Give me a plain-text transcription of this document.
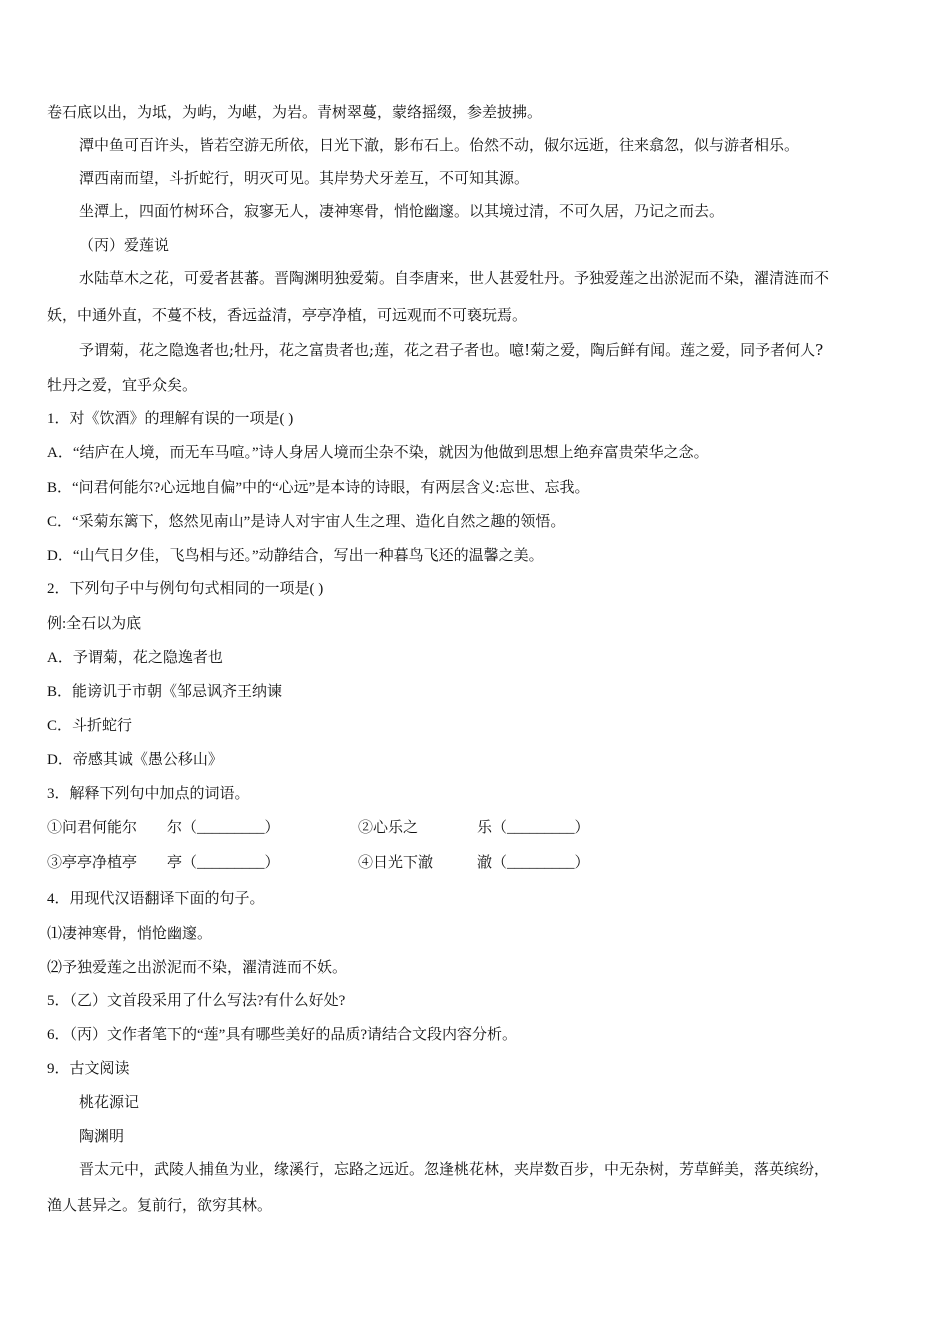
卷石底以出，为坻，为屿，为嵁，为岩。青树翠蔓，蒙络摇缀，参差披拂。
潭中鱼可百许头，皆若空游无所依，日光下澈，影布石上。佁然不动，俶尔远逝，往来翕忽，似与游者相乐。
潭西南而望，斗折蛇行，明灭可见。其岸势犬牙差互，不可知其源。
坐潭上，四面竹树环合，寂寥无人，凄神寒骨，悄怆幽邃。以其境过清，不可久居，乃记之而去。
（丙）爱莲说
水陆草木之花，可爱者甚蕃。晋陶渊明独爱菊。自李唐来，世人甚爱牡丹。予独爱莲之出淤泥而不染，濯清涟而不
妖，中通外直，不蔓不枝，香远益清，亭亭净植，可远观而不可亵玩焉。
予谓菊，花之隐逸者也;牡丹，花之富贵者也;莲，花之君子者也。噫!菊之爱，陶后鲜有闻。莲之爱，同予者何人?
牡丹之爱，宜乎众矣。
1．对《饮酒》的理解有误的一项是( )
A．“结庐在人境，而无车马喧。”诗人身居人境而尘杂不染，就因为他做到思想上绝弃富贵荣华之念。
B．“问君何能尔?心远地自偏”中的“心远”是本诗的诗眼，有两层含义:忘世、忘我。
C．“采菊东篱下，悠然见南山”是诗人对宇宙人生之理、造化自然之趣的领悟。
D．“山气日夕佳，飞鸟相与还。”动静结合，写出一种暮鸟飞还的温馨之美。
2．下列句子中与例句句式相同的一项是( )
例:全石以为底
A．予谓菊，花之隐逸者也
B．能谤讥于市朝《邹忌讽齐王纳谏
C．斗折蛇行
D．帝感其诚《愚公移山》
3．解释下列句中加点的词语。
①问君何能尔 尔（_________）	②心乐之	乐（_________）
③亭亭净植亭 亭（_________）	④日光下澈	澈（_________）
4．用现代汉语翻译下面的句子。
⑴凄神寒骨，悄怆幽邃。
⑵予独爱莲之出淤泥而不染，濯清涟而不妖。
5．（乙）文首段采用了什么写法?有什么好处?
6．（丙）文作者笔下的“莲”具有哪些美好的品质?请结合文段内容分析。
9．古文阅读
桃花源记
陶渊明
晋太元中，武陵人捕鱼为业，缘溪行，忘路之远近。忽逢桃花林，夹岸数百步，中无杂树，芳草鲜美，落英缤纷，
渔人甚异之。复前行，欲穷其林。
